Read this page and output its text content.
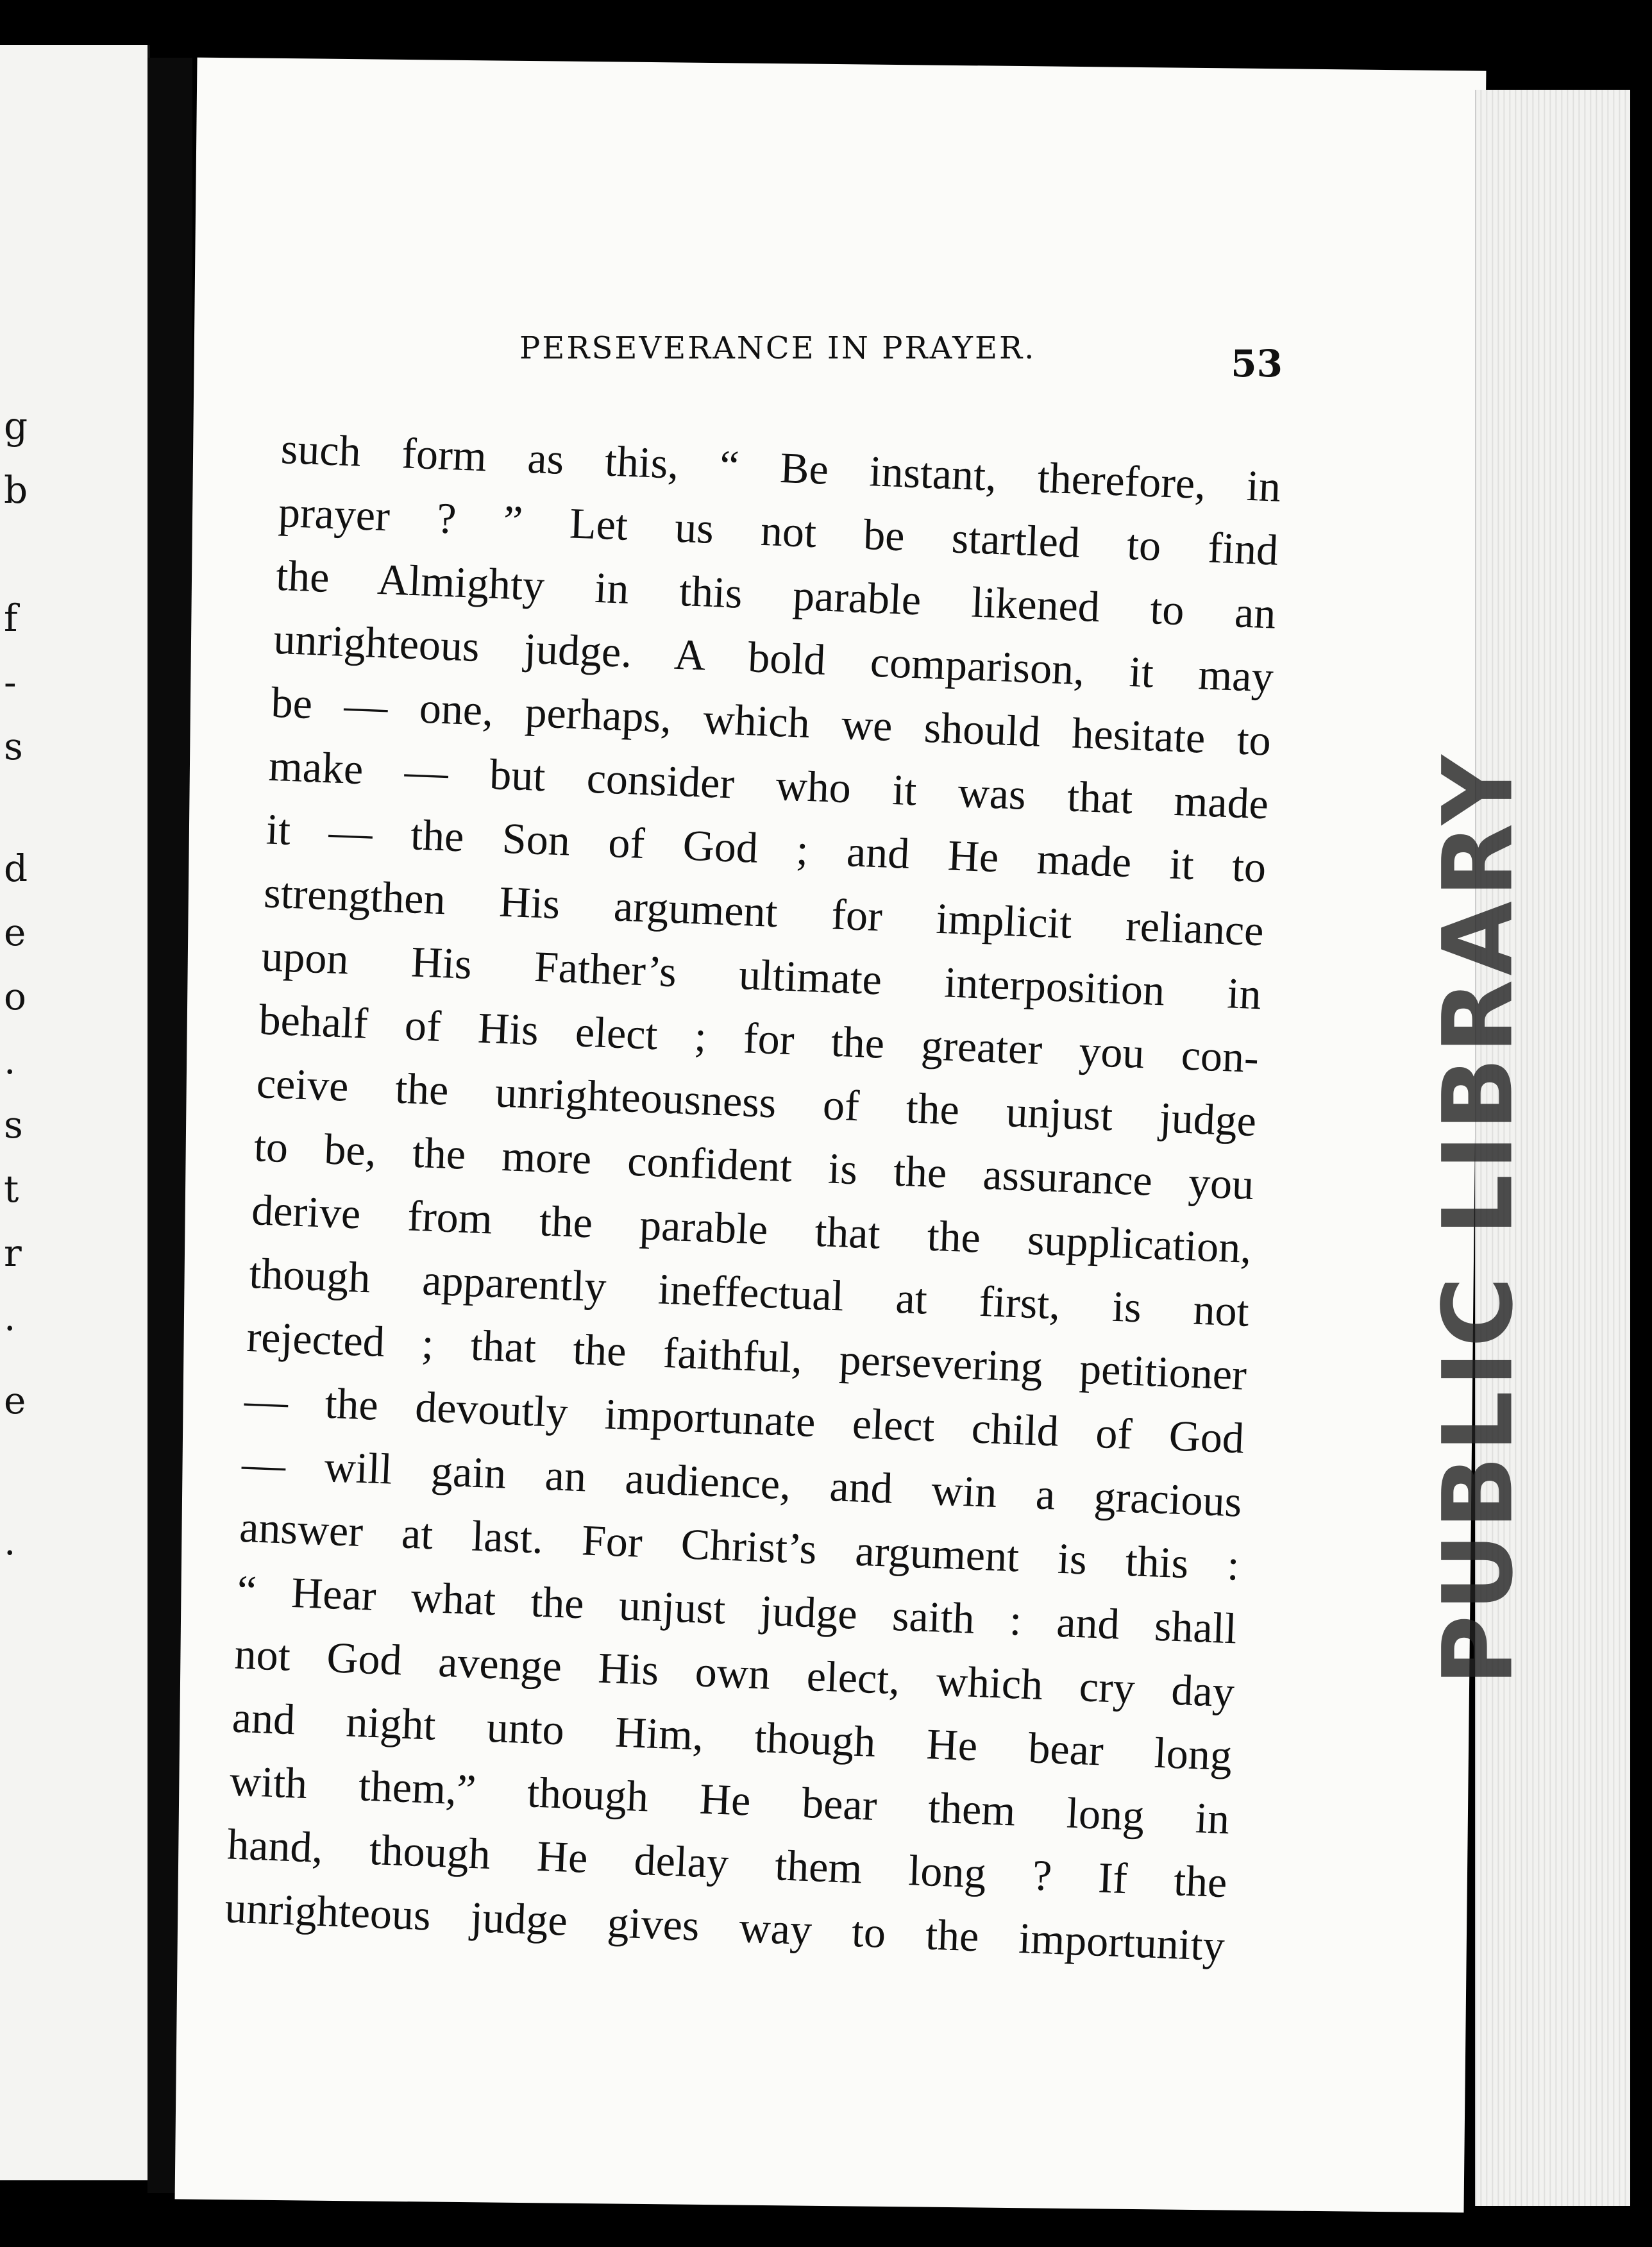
g
b
f
-
s
d
e
o
.
s
t
r
.
e
.	PUBLIC LIBRARY
PERSEVERANCE IN PRAYER.	53
such form as this, “ Be instant, therefore, in
prayer ? ” Let us not be startled to find
the Almighty in this parable likened to an
unrighteous judge. A bold comparison, it may
be — one, perhaps, which we should hesitate to
make — but consider who it was that made
it — the Son of God ; and He made it to
strengthen His argument for implicit reliance
upon His Father’s ultimate interposition in
behalf of His elect ; for the greater you con-
ceive the unrighteousness of the unjust judge
to be, the more confident is the assurance you
derive from the parable that the supplication,
though apparently ineffectual at first, is not
rejected ; that the faithful, persevering petitioner
— the devoutly importunate elect child of God
— will gain an audience, and win a gracious
answer at last. For Christ’s argument is this :
“ Hear what the unjust judge saith : and shall
not God avenge His own elect, which cry day
and night unto Him, though He bear long
with them,” though He bear them long in
hand, though He delay them long ? If the
unrighteous judge gives way to the importunity
